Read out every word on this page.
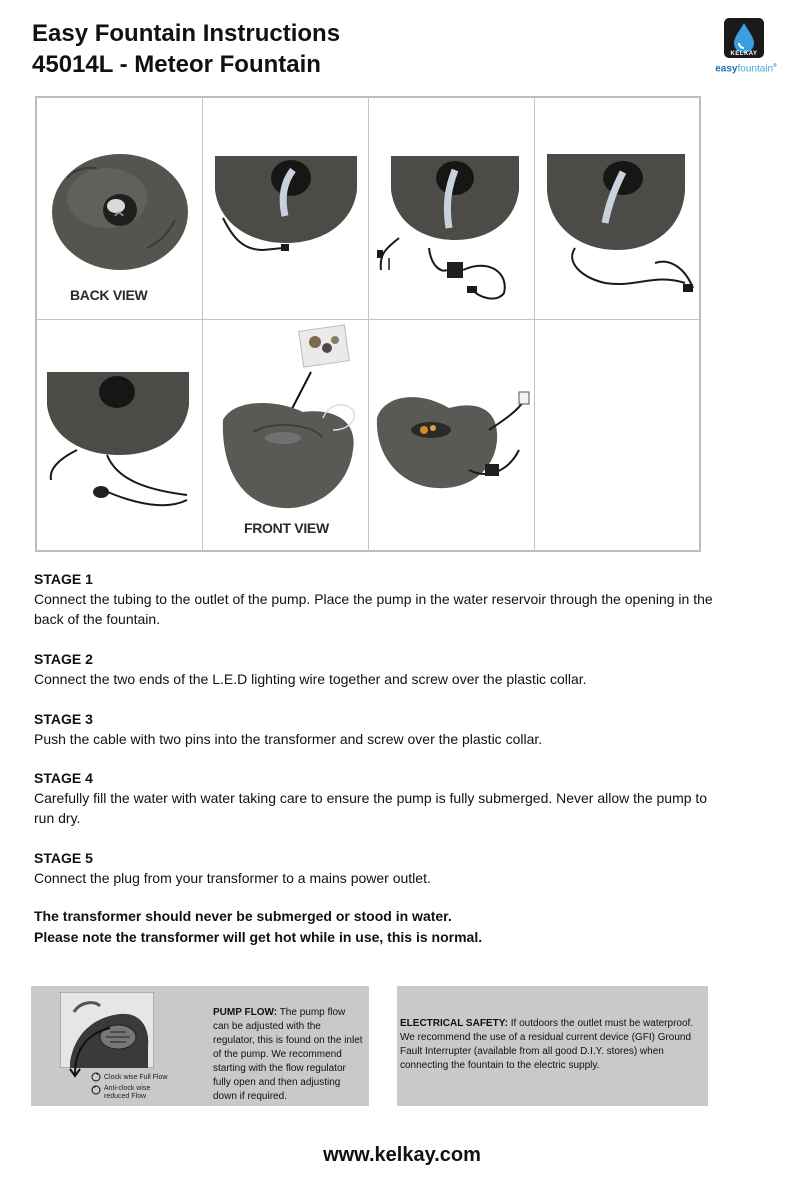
Easy Fountain Instructions
45014L - Meteor Fountain	KELKAY
easyfountain®
BACK VIEW
FRONT VIEW
STAGE 1

Connect the tubing to the outlet of the pump. Place the pump in the water reservoir through the opening in the back of the fountain.

STAGE 2

Connect the two ends of the L.E.D lighting wire together and screw over the plastic collar.

STAGE 3

Push the cable with two pins into the transformer and screw over the plastic collar.

STAGE 4

Carefully fill the water with water taking care to ensure the pump is fully submerged. Never allow the pump to run dry.

STAGE 5

Connect the plug from your transformer to a mains power outlet.

The transformer should never be submerged or stood in water.
Please note the transformer will get hot while in use, this is normal.
Clock wise Full Flow
Anti-clock wise reduced Flow
PUMP FLOW: The pump flow can be adjusted with the regulator, this is found on the inlet of the pump. We recommend starting with the flow regulator fully open and then adjusting down if required.
ELECTRICAL SAFETY: If outdoors the outlet must be waterproof. We recommend the use of a residual current device (GFI) Ground Fault Interrupter (available from all good D.I.Y. stores) when connecting the fountain to the electric supply.
www.kelkay.com
